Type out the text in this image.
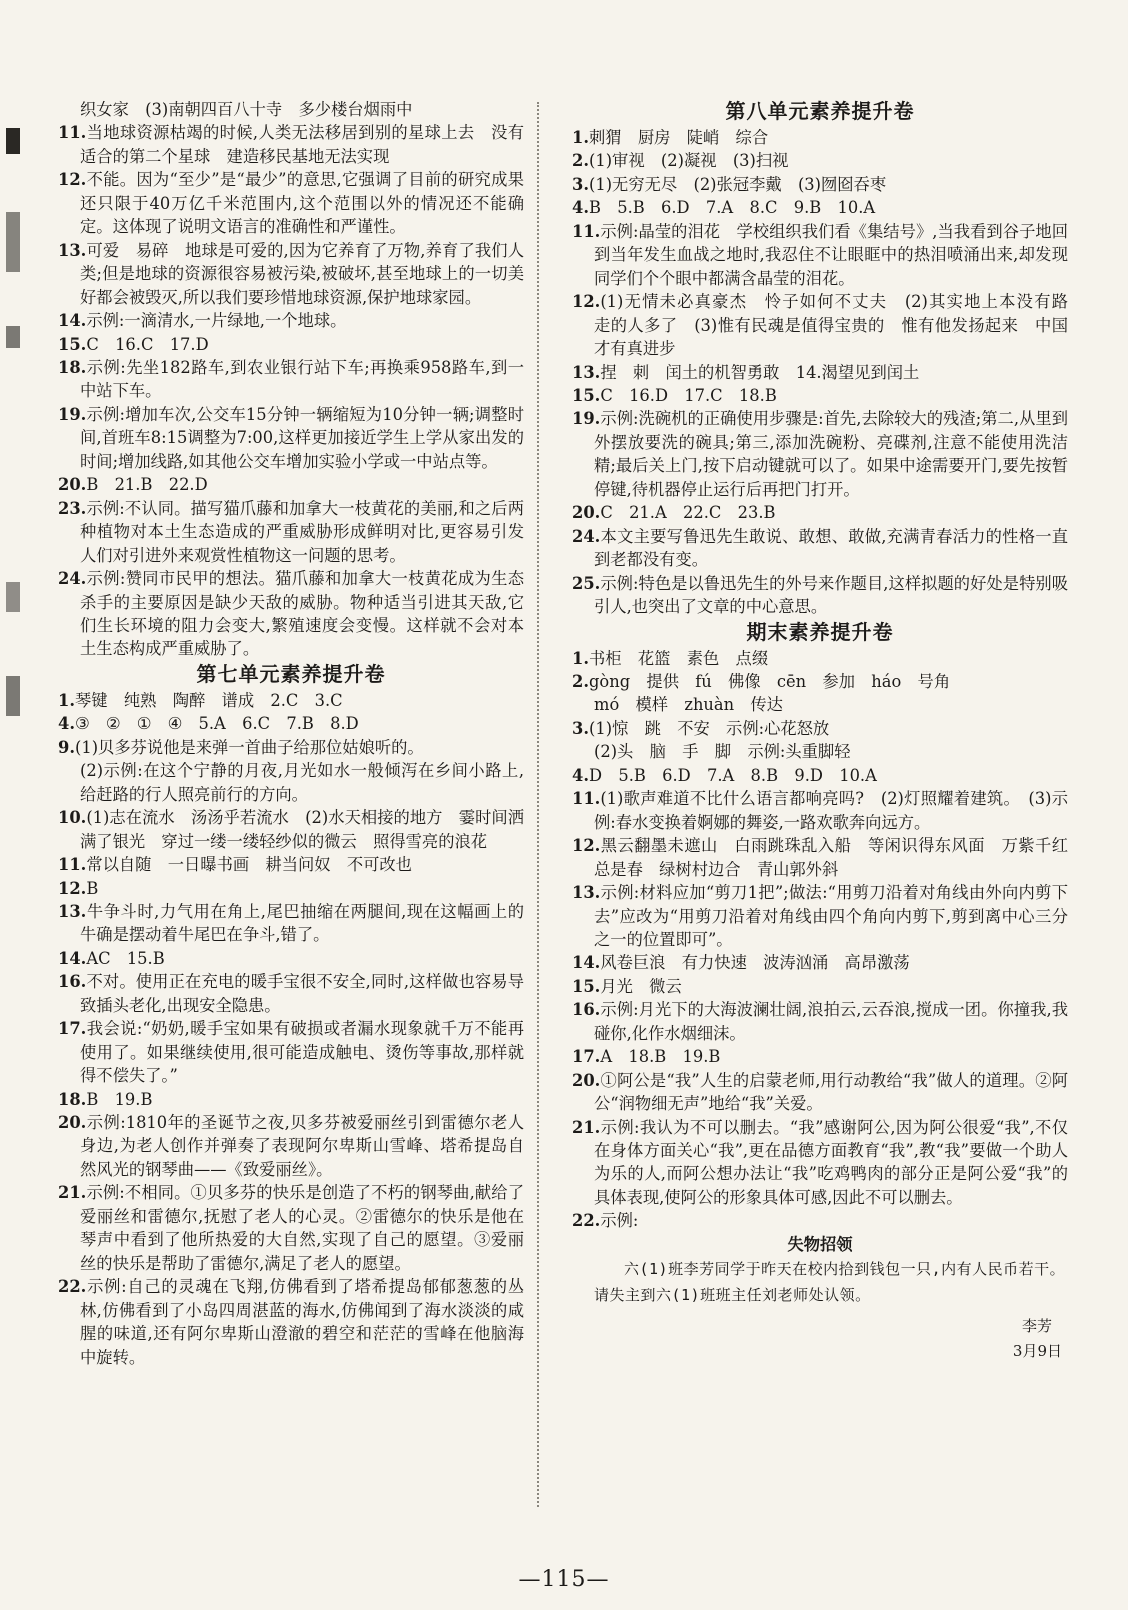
织女家　(3)南朝四百八十寺　多少楼台烟雨中

11.当地球资源枯竭的时候,人类无法移居到别的星球上去　没有适合的第二个星球　建造移民基地无法实现

12.不能。因为“至少”是“最少”的意思,它强调了目前的研究成果还只限于40万亿千米范围内,这个范围以外的情况还不能确定。这体现了说明文语言的准确性和严谨性。

13.可爱　易碎　地球是可爱的,因为它养育了万物,养育了我们人类;但是地球的资源很容易被污染,被破坏,甚至地球上的一切美好都会被毁灭,所以我们要珍惜地球资源,保护地球家园。

14.示例:一滴清水,一片绿地,一个地球。

15.C　16.C　17.D

18.示例:先坐182路车,到农业银行站下车;再换乘958路车,到一中站下车。

19.示例:增加车次,公交车15分钟一辆缩短为10分钟一辆;调整时间,首班车8:15调整为7:00,这样更加接近学生上学从家出发的时间;增加线路,如其他公交车增加实验小学或一中站点等。

20.B　21.B　22.D

23.示例:不认同。描写猫爪藤和加拿大一枝黄花的美丽,和之后两种植物对本土生态造成的严重威胁形成鲜明对比,更容易引发人们对引进外来观赏性植物这一问题的思考。

24.示例:赞同市民甲的想法。猫爪藤和加拿大一枝黄花成为生态杀手的主要原因是缺少天敌的威胁。物种适当引进其天敌,它们生长环境的阻力会变大,繁殖速度会变慢。这样就不会对本土生态构成严重威胁了。

第七单元素养提升卷

1.琴键　纯熟　陶醉　谱成　2.C　3.C

4.③　②　①　④　5.A　6.C　7.B　8.D

9.(1)贝多芬说他是来弹一首曲子给那位姑娘听的。

(2)示例:在这个宁静的月夜,月光如水一般倾泻在乡间小路上,给赶路的行人照亮前行的方向。

10.(1)志在流水　汤汤乎若流水　(2)水天相接的地方　霎时间洒满了银光　穿过一缕一缕轻纱似的微云　照得雪亮的浪花

11.常以自随　一日曝书画　耕当问奴　不可改也

12.B

13.牛争斗时,力气用在角上,尾巴抽缩在两腿间,现在这幅画上的牛确是摆动着牛尾巴在争斗,错了。

14.AC　15.B

16.不对。使用正在充电的暖手宝很不安全,同时,这样做也容易导致插头老化,出现安全隐患。

17.我会说:“奶奶,暖手宝如果有破损或者漏水现象就千万不能再使用了。如果继续使用,很可能造成触电、烫伤等事故,那样就得不偿失了。”

18.B　19.B

20.示例:1810年的圣诞节之夜,贝多芬被爱丽丝引到雷德尔老人身边,为老人创作并弹奏了表现阿尔卑斯山雪峰、塔希提岛自然风光的钢琴曲——《致爱丽丝》。

21.示例:不相同。①贝多芬的快乐是创造了不朽的钢琴曲,献给了爱丽丝和雷德尔,抚慰了老人的心灵。②雷德尔的快乐是他在琴声中看到了他所热爱的大自然,实现了自己的愿望。③爱丽丝的快乐是帮助了雷德尔,满足了老人的愿望。

22.示例:自己的灵魂在飞翔,仿佛看到了塔希提岛郁郁葱葱的丛林,仿佛看到了小岛四周湛蓝的海水,仿佛闻到了海水淡淡的咸腥的味道,还有阿尔卑斯山澄澈的碧空和茫茫的雪峰在他脑海中旋转。

第八单元素养提升卷

1.刺猬　厨房　陡峭　综合

2.(1)审视　(2)凝视　(3)扫视

3.(1)无穷无尽　(2)张冠李戴　(3)囫囵吞枣

4.B　5.B　6.D　7.A　8.C　9.B　10.A

11.示例:晶莹的泪花　学校组织我们看《集结号》,当我看到谷子地回到当年发生血战之地时,我忍住不让眼眶中的热泪喷涌出来,却发现同学们个个眼中都满含晶莹的泪花。

12.(1)无情未必真豪杰　怜子如何不丈夫　(2)其实地上本没有路　走的人多了　(3)惟有民魂是值得宝贵的　惟有他发扬起来　中国才有真进步

13.捏　刺　闰土的机智勇敢　14.渴望见到闰土

15.C　16.D　17.C　18.B

19.示例:洗碗机的正确使用步骤是:首先,去除较大的残渣;第二,从里到外摆放要洗的碗具;第三,添加洗碗粉、亮碟剂,注意不能使用洗洁精;最后关上门,按下启动键就可以了。如果中途需要开门,要先按暂停键,待机器停止运行后再把门打开。

20.C　21.A　22.C　23.B

24.本文主要写鲁迅先生敢说、敢想、敢做,充满青春活力的性格一直到老都没有变。

25.示例:特色是以鲁迅先生的外号来作题目,这样拟题的好处是特别吸引人,也突出了文章的中心意思。

期末素养提升卷

1.书柜　花篮　素色　点缀

2.gòng　提供　fú　佛像　cēn　参加　háo　号角

mó　模样　zhuàn　传达

3.(1)惊　跳　不安　示例:心花怒放

(2)头　脑　手　脚　示例:头重脚轻

4.D　5.B　6.D　7.A　8.B　9.D　10.A

11.(1)歌声难道不比什么语言都响亮吗?　(2)灯照耀着建筑。　(3)示例:春水变换着婀娜的舞姿,一路欢歌奔向远方。

12.黑云翻墨未遮山　白雨跳珠乱入船　等闲识得东风面　万紫千红总是春　绿树村边合　青山郭外斜

13.示例:材料应加“剪刀1把”;做法:“用剪刀沿着对角线由外向内剪下去”应改为“用剪刀沿着对角线由四个角向内剪下,剪到离中心三分之一的位置即可”。

14.风卷巨浪　有力快速　波涛汹涌　高昂激荡

15.月光　微云

16.示例:月光下的大海波澜壮阔,浪拍云,云吞浪,搅成一团。你撞我,我碰你,化作水烟细沫。

17.A　18.B　19.B

20.①阿公是“我”人生的启蒙老师,用行动教给“我”做人的道理。②阿公“润物细无声”地给“我”关爱。

21.示例:我认为不可以删去。“我”感谢阿公,因为阿公很爱“我”,不仅在身体方面关心“我”,更在品德方面教育“我”,教“我”要做一个助人为乐的人,而阿公想办法让“我”吃鸡鸭肉的部分正是阿公爱“我”的具体表现,使阿公的形象具体可感,因此不可以删去。

22.示例:

失物招领

六(1)班李芳同学于昨天在校内拾到钱包一只,内有人民币若干。请失主到六(1)班班主任刘老师处认领。

李芳
3月9日
—115—
